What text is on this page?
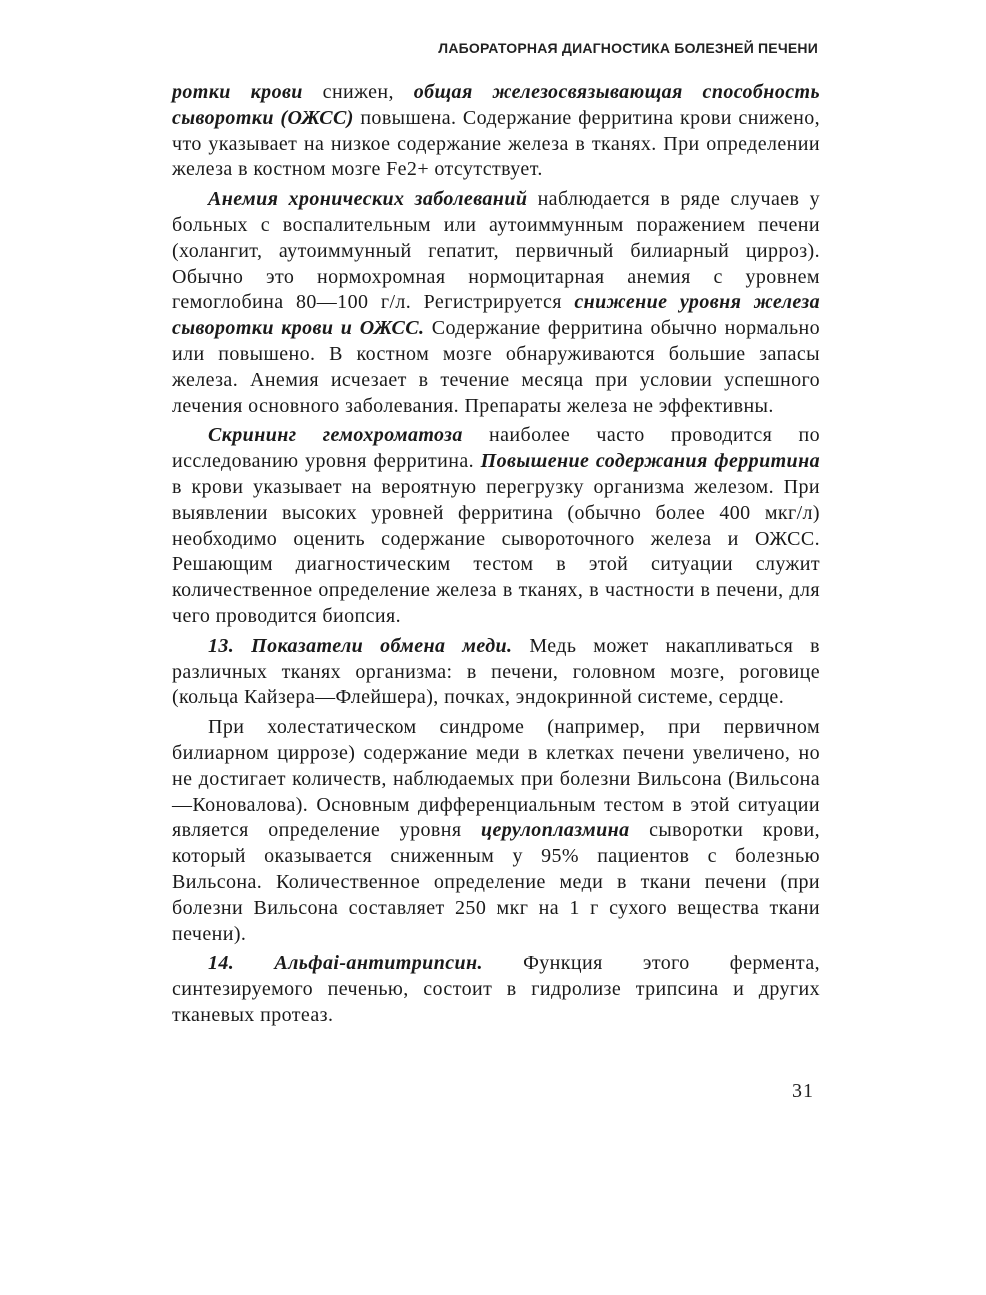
ЛАБОРАТОРНАЯ ДИАГНОСТИКА БОЛЕЗНЕЙ ПЕЧЕНИ

ротки крови снижен, общая железосвязывающая способность сыворотки (ОЖСС) повышена. Содержание ферритина крови снижено, что указывает на низкое содержание железа в тканях. При определении железа в костном мозге Fe2+ отсутствует.

Анемия хронических заболеваний наблюдается в ряде случаев у больных с воспалительным или аутоиммунным поражением печени (холангит, аутоиммунный гепатит, первичный билиарный цирроз). Обычно это нормохромная нормоцитарная анемия с уровнем гемоглобина 80—100 г/л. Регистрируется снижение уровня железа сыворотки крови и ОЖСС. Содержание ферритина обычно нормально или повышено. В костном мозге обнаруживаются большие запасы железа. Анемия исчезает в течение месяца при условии успешного лечения основного заболевания. Препараты железа не эффективны.

Скрининг гемохроматоза наиболее часто проводится по исследованию уровня ферритина. Повышение содержания ферритина в крови указывает на вероятную перегрузку организма железом. При выявлении высоких уровней ферритина (обычно более 400 мкг/л) необходимо оценить содержание сывороточного железа и ОЖСС. Решающим диагностическим тестом в этой ситуации служит количественное определение железа в тканях, в частности в печени, для чего проводится биопсия.

13. Показатели обмена меди. Медь может накапливаться в различных тканях организма: в печени, головном мозге, роговице (кольца Кайзера—Флейшера), почках, эндокринной системе, сердце.

При холестатическом синдроме (например, при первичном билиарном циррозе) содержание меди в клетках печени увеличено, но не достигает количеств, наблюдаемых при болезни Вильсона (Вильсона—Коновалова). Основным дифференциальным тестом в этой ситуации является определение уровня церулоплазмина сыворотки крови, который оказывается сниженным у 95% пациентов с болезнью Вильсона. Количественное определение меди в ткани печени (при болезни Вильсона составляет 250 мкг на 1 г сухого вещества ткани печени).

14. Альфаі-антитрипсин. Функция этого фермента, синтезируемого печенью, состоит в гидролизе трипсина и других тканевых протеаз.

31
